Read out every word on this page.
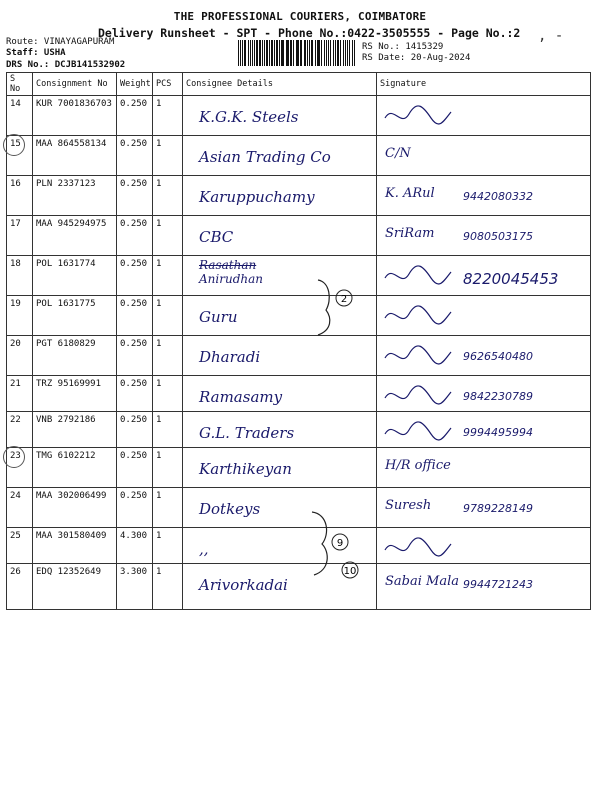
THE PROFESSIONAL COURIERS, COIMBATORE
Delivery Runsheet - SPT - Phone No.:0422-3505555 - Page No.:2 , -
Route: VINAYAGAPURAM
Staff: USHA
DRS No.: DCJB141532902
RS No.: 1415329
RS Date: 20-Aug-2024
S No	Consignment No	Weight	PCS	Consignee Details	Signature
14	KUR 7001836703	0.250	1	K.G.K. Steels

15	MAA 864558134	0.250	1	Asian Trading Co	C/N

16	PLN 2337123	0.250	1	Karuppuchamy	K. ARul 9442080332

17	MAA 945294975	0.250	1	CBC	SriRam 9080503175

18	POL 1631774	0.250	1	Rasathan
Anirudhan	8220045453

19	POL 1631775	0.250	1	Guru

20	PGT 6180829	0.250	1	Dharadi	9626540480

21	TRZ 95169991	0.250	1	Ramasamy	9842230789

22	VNB 2792186	0.250	1	G.L. Traders	9994495994

23	TMG 6102212	0.250	1	Karthikeyan	H/R office

24	MAA 302006499	0.250	1	Dotkeys	Suresh 9789228149

25	MAA 301580409	4.300	1	,,

26	EDQ 12352649	3.300	1	Arivorkadai	Sabai Mala 9944721243
2
9
10
